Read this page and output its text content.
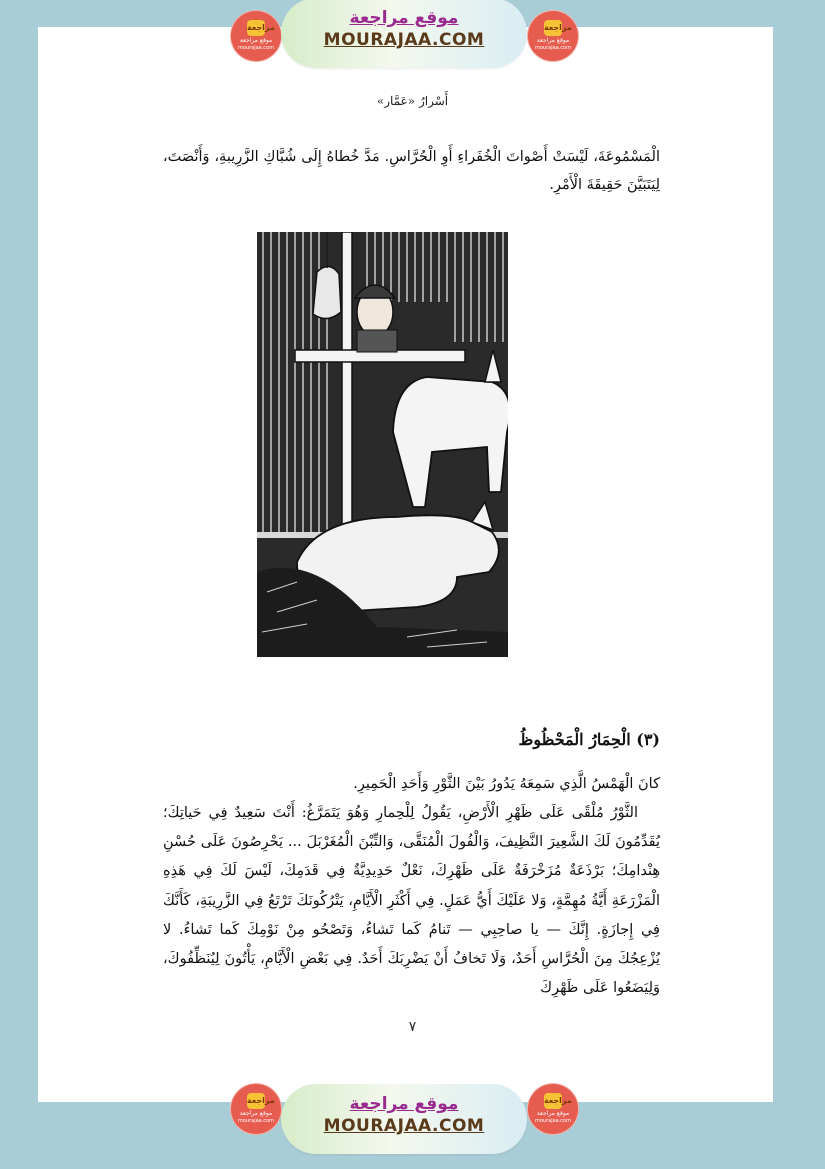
مراجعة
موقع مراجعة
mourajaa.com
مراجعة
موقع مراجعة
mourajaa.com
موقع مراجعة
MOURAJAA.COM
أَسْرارُ «عَمَّار»
الْمَسْمُوعَةَ، لَيْسَتْ أَصْواتَ الْخُفَراءِ أَوِ الْحُرَّاسِ. مَدَّ خُطاهُ إِلَى شُبَّاكِ الزَّرِيبةِ، وَأَنْصَتَ، لِيَتَبَيَّنَ حَقِيقَةَ الْأَمْرِ.
(٣) الْحِمَارُ الْمَحْظُوظُ
كانَ الْهَمْسُ الَّذِي سَمِعَهُ يَدُورُ بَيْنَ الثَّوْرِ وَأَحَدِ الْحَمِيرِ.
الثَّوْرُ مُلْقًى عَلَى ظَهْرِ الْأَرْضِ، يَقُولُ لِلْحِمارِ وَهُوَ يَتَمَرَّغُ: أَنْتَ سَعِيدٌ فِي حَياتِكَ؛ يُقَدِّمُونَ لَكَ الشَّعِيرَ النَّظِيفَ، وَالْفُولَ الْمُنَقَّى، وَالتِّبْنَ الْمُغَرْبَلَ ... يَحْرِصُونَ عَلَى حُسْنِ هِنْدامِكَ؛ بَرْذَعَةٌ مُزَخْرَفَةٌ عَلَى ظَهْرِكَ، نَعْلٌ حَدِيدِيَّةٌ فِي قَدَمِكَ، لَيْسَ لَكَ فِي هَذِهِ الْمَزْرَعَةِ أَيَّةُ مُهِمَّةٍ، وَلا عَلَيْكَ أَيُّ عَمَلٍ. فِي أَكْثَرِ الْأَيَّامِ، يَتْرُكُونَكَ تَرْتَعُ فِي الزَّرِيبَةِ، كَأَنَّكَ فِي إِجازَةٍ. إِنَّكَ — يا صاحِبِي — تَنامُ كَما تَشاءُ، وَتَصْحُو مِنْ نَوْمِكَ كَما تَشاءُ. لا يُزْعِجُكَ مِنَ الْحُرَّاسِ أَحَدٌ، وَلَا تَخافُ أَنْ يَضْرِبَكَ أَحَدٌ. فِي بَعْضِ الْأَيَّامِ، يَأْتُونَ لِيُنَظِّفُوكَ، وَلِيَضَعُوا عَلَى ظَهْرِكَ
٧
مراجعة
موقع مراجعة
mourajaa.com
مراجعة
موقع مراجعة
mourajaa.com
موقع مراجعة
MOURAJAA.COM
